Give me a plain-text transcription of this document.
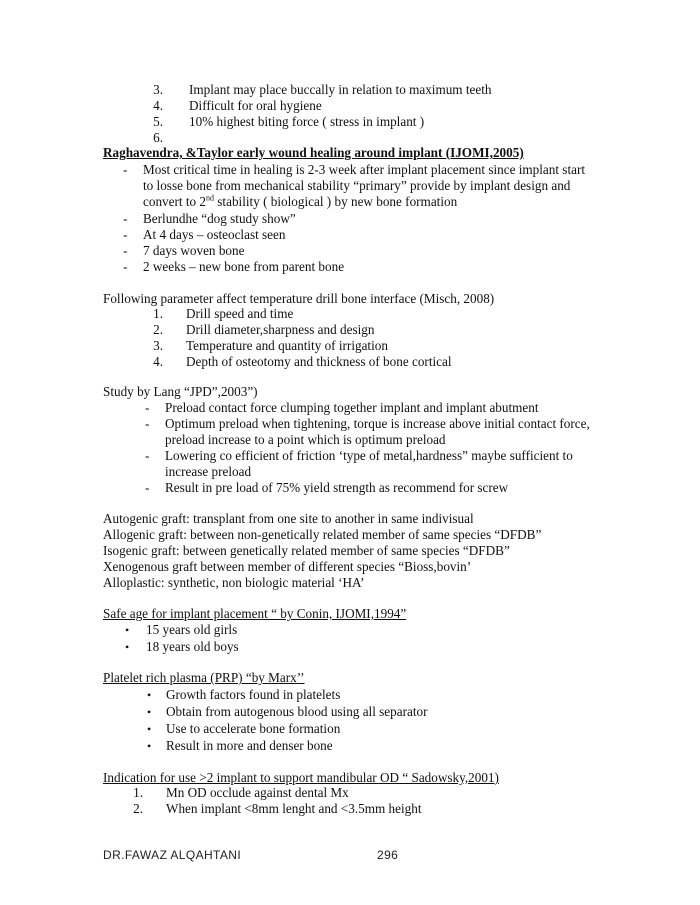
3. Implant may place buccally in relation to maximum teeth
4. Difficult for oral hygiene
5. 10% highest biting force ( stress in implant )
6.
Raghavendra, &Taylor early wound healing around implant (IJOMI,2005)
- Most critical time in healing is 2-3 week after implant placement since implant start
to losse bone from mechanical stability “primary” provide by implant design and
convert to 2nd stability ( biological ) by new bone formation
- Berlundhe “dog study show”
- At 4 days – osteoclast seen
- 7 days woven bone
- 2 weeks – new bone from parent bone
Following parameter affect temperature drill bone interface (Misch, 2008)
1. Drill speed and time
2. Drill diameter,sharpness and design
3. Temperature and quantity of irrigation
4. Depth of osteotomy and thickness of bone cortical
Study by Lang “JPD”,2003”)
- Preload contact force clumping together implant and implant abutment
- Optimum preload when tightening, torque is increase above initial contact force,
preload increase to a point which is optimum preload
- Lowering co efficient of friction ‘type of metal,hardness” maybe sufficient to
increase preload
- Result in pre load of 75% yield strength as recommend for screw
Autogenic graft: transplant from one site to another in same indivisual
Allogenic graft: between non-genetically related member of same species “DFDB”
Isogenic graft: between genetically related member of same species “DFDB”
Xenogenous graft between member of different species “Bioss,bovin’
Alloplastic: synthetic, non biologic material ‘HA’
Safe age for implant placement “ by Conin, IJOMI,1994”
• 15 years old girls
• 18 years old boys
Platelet rich plasma (PRP) “by Marx’’
• Growth factors found in platelets
• Obtain from autogenous blood using all separator
• Use to accelerate bone formation
• Result in more and denser bone
Indication for use >2 implant to support mandibular OD “ Sadowsky,2001)
1. Mn OD occlude against dental Mx
2. When implant <8mm lenght and <3.5mm height
DR.FAWAZ ALQAHTANI	296
